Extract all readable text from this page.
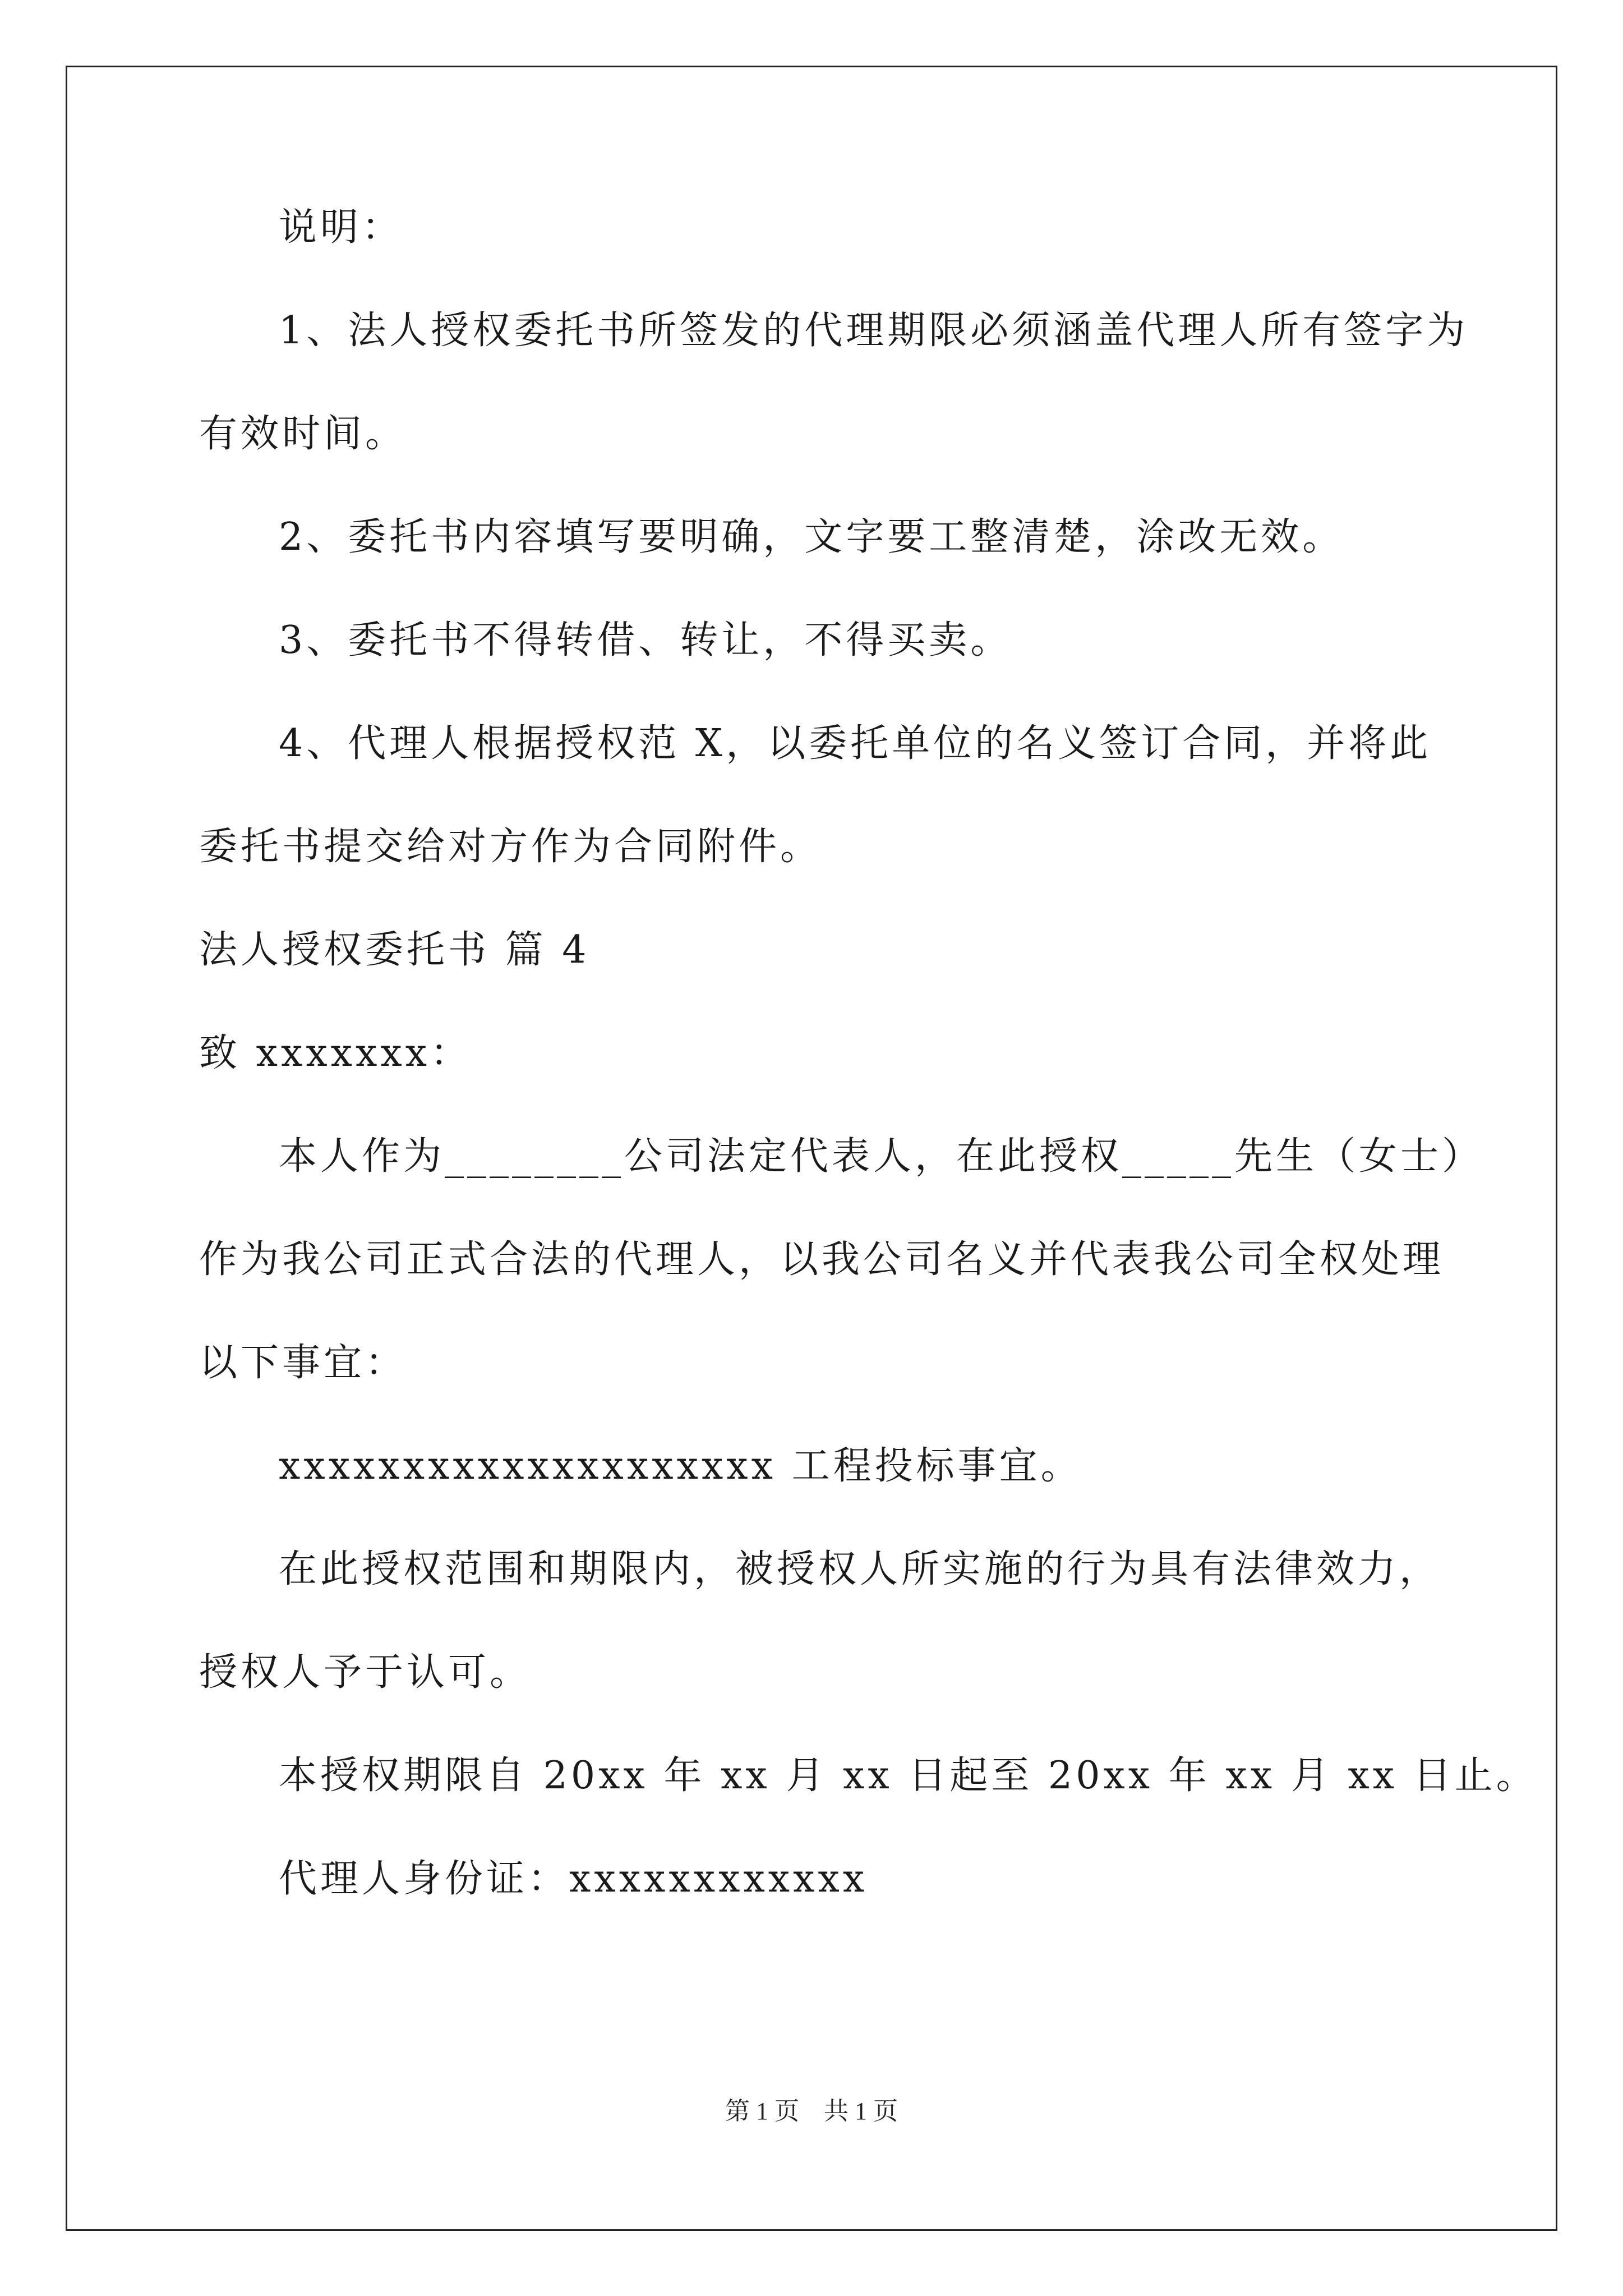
说明：

1、法人授权委托书所签发的代理期限必须涵盖代理人所有签字为

有效时间。

2、委托书内容填写要明确，文字要工整清楚，涂改无效。

3、委托书不得转借、转让，不得买卖。

4、代理人根据授权范 X，以委托单位的名义签订合同，并将此

委托书提交给对方作为合同附件。

法人授权委托书 篇 4

致 xxxxxxx：

本人作为________公司法定代表人，在此授权_____先生（女士）

作为我公司正式合法的代理人，以我公司名义并代表我公司全权处理

以下事宜：

xxxxxxxxxxxxxxxxxxxx 工程投标事宜。

在此授权范围和期限内，被授权人所实施的行为具有法律效力，

授权人予于认可。

本授权期限自 20xx 年 xx 月 xx 日起至 20xx 年 xx 月 xx 日止。

代理人身份证：xxxxxxxxxxxx

第 1 页　共 1 页
